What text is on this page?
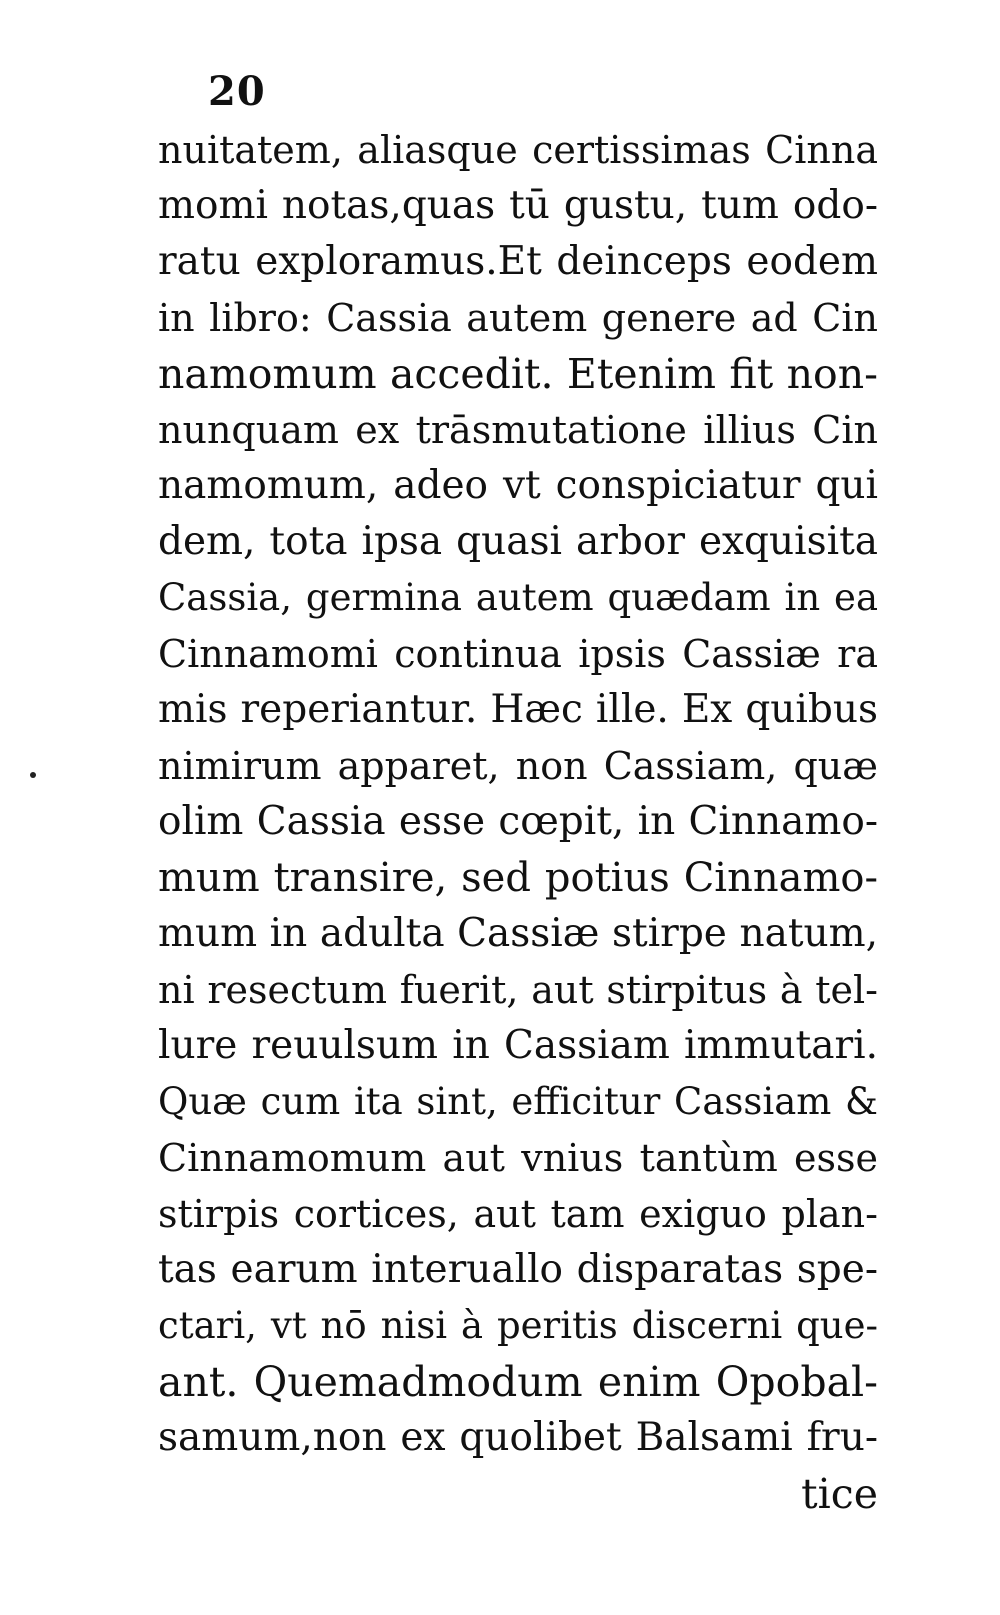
20
nuitatem, aliasque certissimas Cinna
momi notas,quas tū gustu, tum odo-
ratu exploramus.Et deinceps eodem
in libro: Cassia autem genere ad Cin
namomum accedit. Etenim fit non-
nunquam ex trāsmutatione illius Cin
namomum, adeo vt conspiciatur qui
dem, tota ipsa quasi arbor exquisita
Cassia, germina autem quædam in ea
Cinnamomi continua ipsis Cassiæ ra
mis reperiantur. Hæc ille. Ex quibus
nimirum apparet, non Cassiam, quæ
olim Cassia esse cœpit, in Cinnamo-
mum transire, sed potius Cinnamo-
mum in adulta Cassiæ stirpe natum,
ni resectum fuerit, aut stirpitus à tel-
lure reuulsum in Cassiam immutari.
Quæ cum ita sint, efficitur Cassiam &
Cinnamomum aut vnius tantùm esse
stirpis cortices, aut tam exiguo plan-
tas earum interuallo disparatas spe-
ctari, vt nō nisi à peritis discerni que-
ant. Quemadmodum enim Opobal-
samum,non ex quolibet Balsami fru-
tice
